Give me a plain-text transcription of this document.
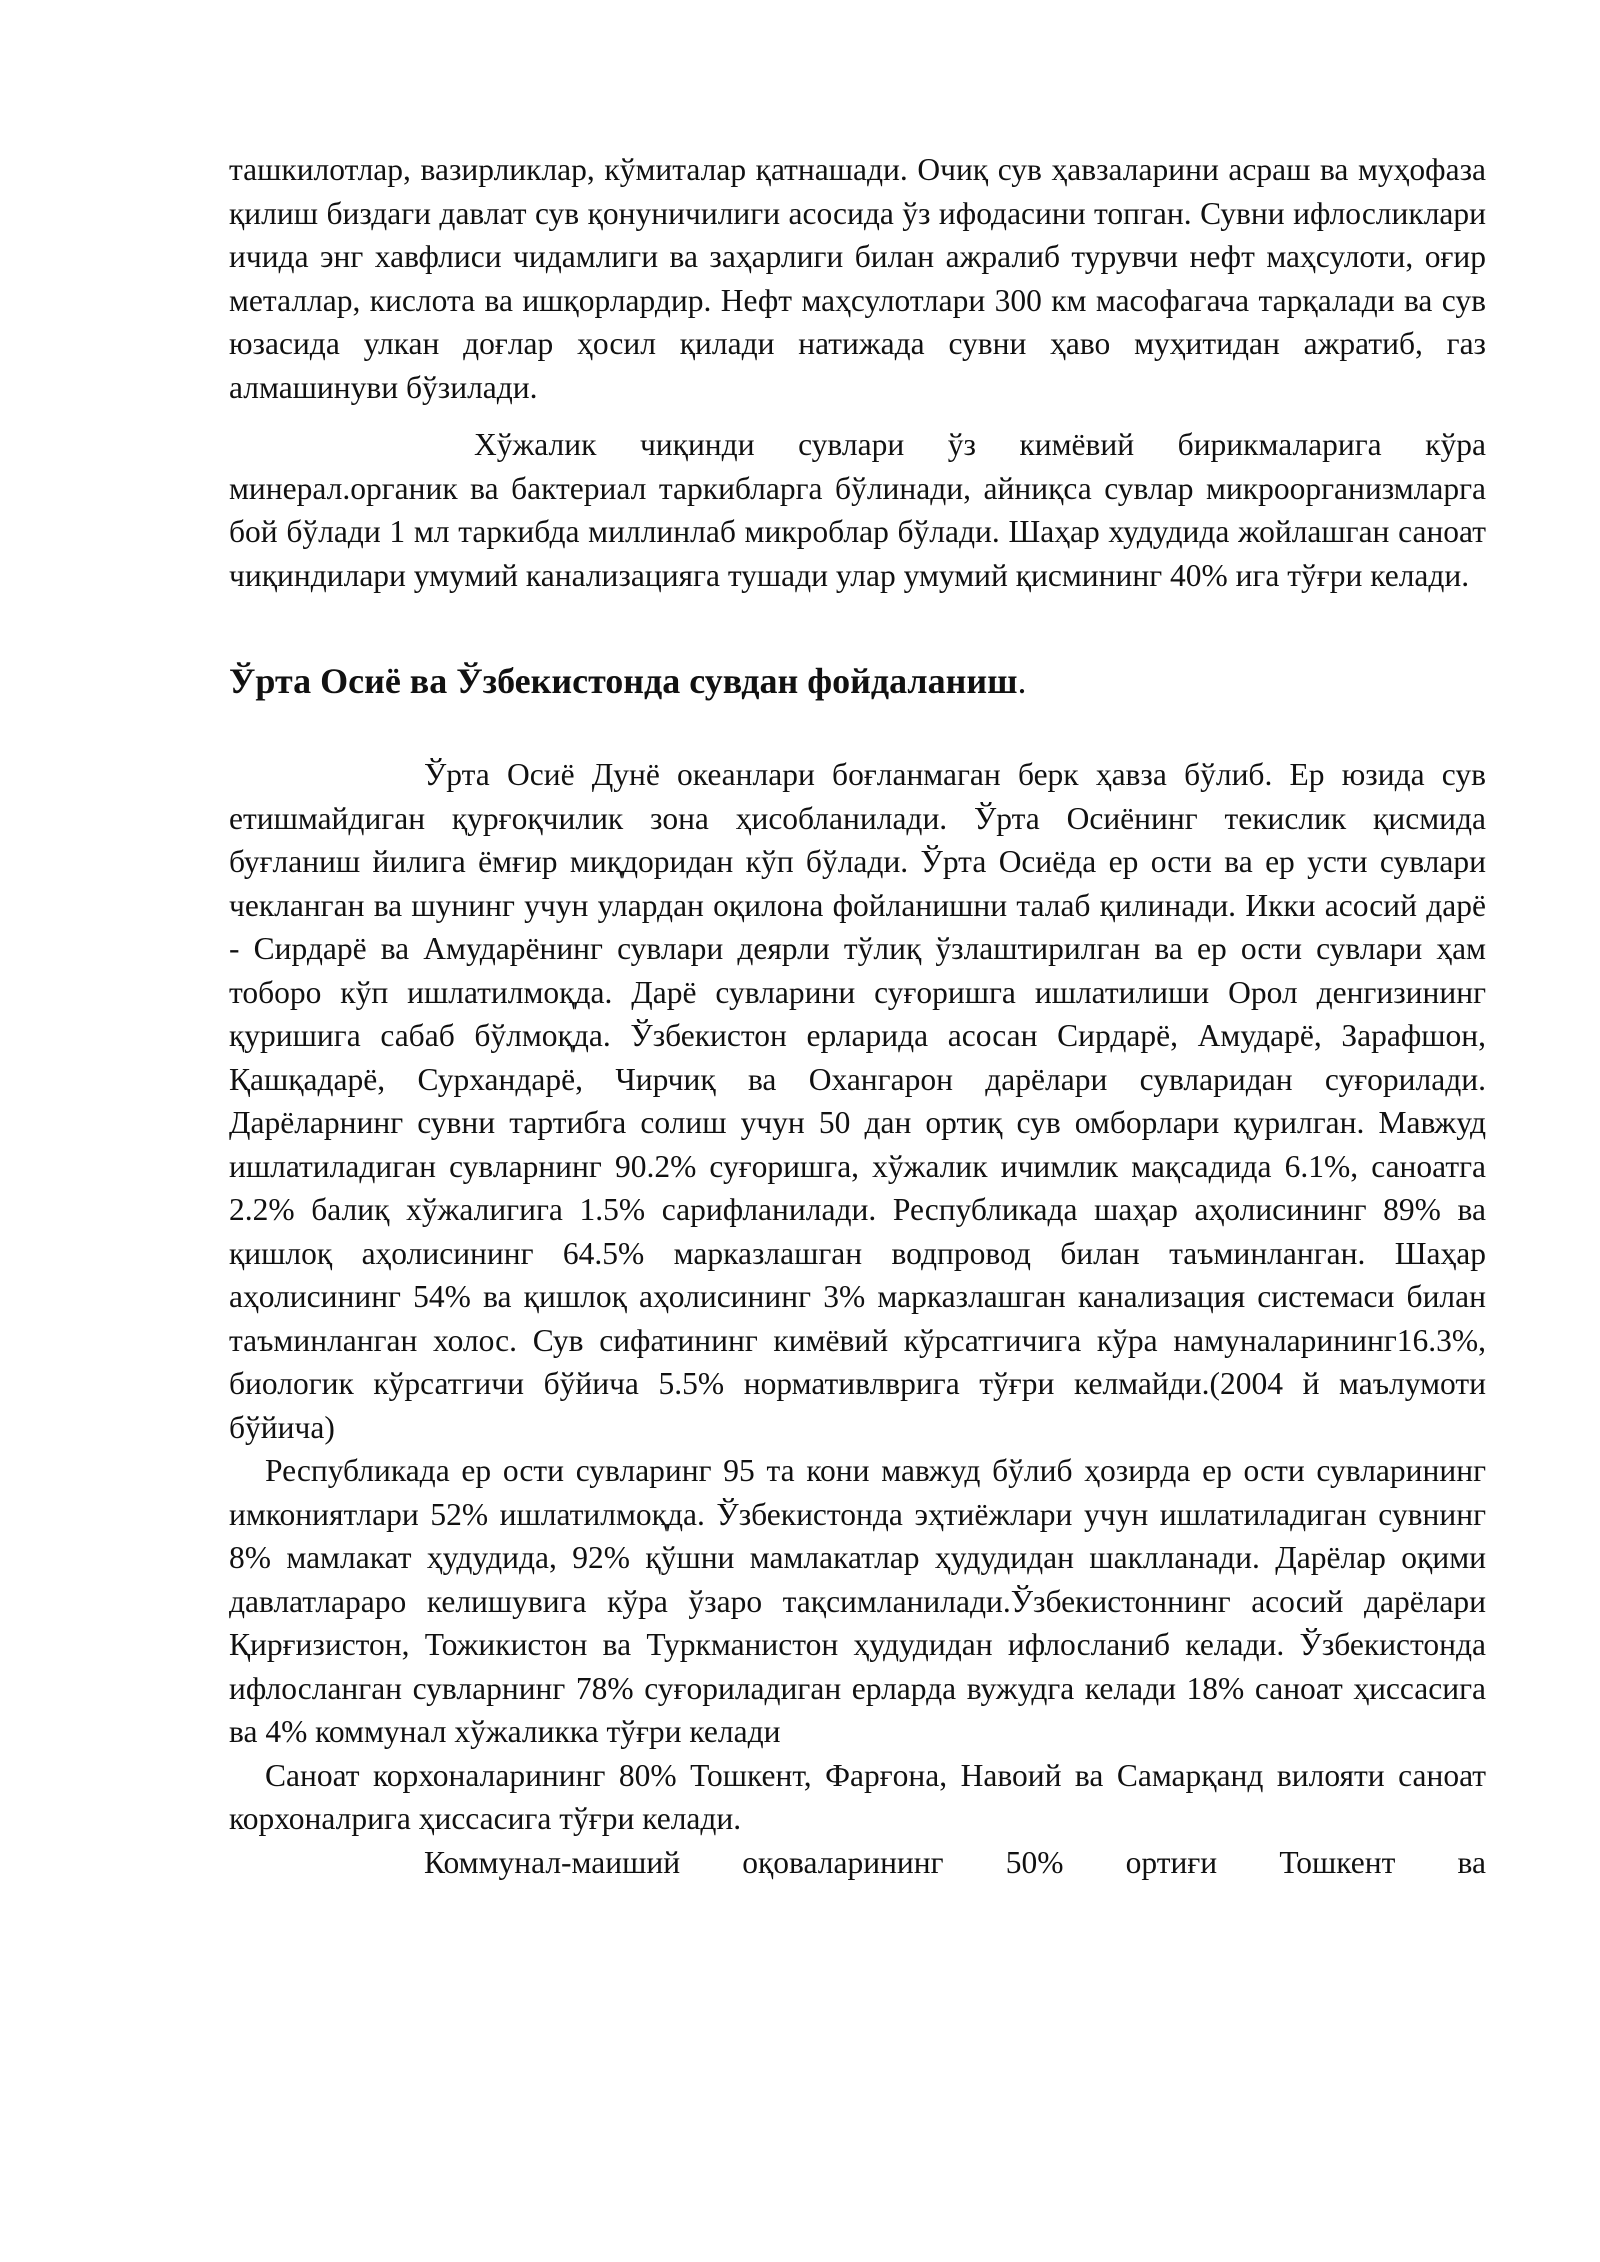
ташкилотлар, вазирликлар, кўмиталар қатнашади. Очиқ сув ҳавзаларини асраш ва муҳофаза қилиш биздаги давлат сув қонуничилиги асосида ўз ифодасини топган. Сувни ифлосликлари ичида энг хавфлиси чидамлиги ва заҳарлиги билан ажралиб турувчи нефт маҳсулоти, оғир металлар, кислота ва ишқорлардир. Нефт маҳсулотлари 300 км масофагача тарқалади ва сув юзасида улкан доғлар ҳосил қилади натижада сувни ҳаво муҳитидан ажратиб, газ алмашинуви бўзилади.

Хўжалик чиқинди сувлари ўз кимёвий бирикмаларига кўра минерал.органик ва бактериал таркибларга бўлинади, айниқса сувлар микроорганизмларга бой бўлади 1 мл таркибда миллинлаб микроблар бўлади. Шаҳар худудида жойлашган саноат чиқиндилари умумий канализацияга тушади улар умумий қисмининг 40% ига тўғри келади.

Ўрта Осиё ва Ўзбекистонда сувдан фойдаланиш.

Ўрта Осиё Дунё океанлари боғланмаган берк ҳавза бўлиб. Ер юзида сув етишмайдиган қурғоқчилик зона ҳисобланилади. Ўрта Осиёнинг текислик қисмида буғланиш йилига ёмғир миқдоридан кўп бўлади. Ўрта Осиёда ер ости ва ер усти сувлари чекланган ва шунинг учун улардан оқилона фойланишни талаб қилинади. Икки асосий дарё - Сирдарё ва Амударёнинг сувлари деярли тўлиқ ўзлаштирилган ва ер ости сувлари ҳам тоборо кўп ишлатилмоқда. Дарё сувларини суғоришга ишлатилиши Орол денгизининг қуришига сабаб бўлмоқда. Ўзбекистон ерларида асосан Сирдарё, Амударё, Зарафшон, Қашқадарё, Сурхандарё, Чирчиқ ва Охангарон дарёлари сувларидан суғорилади. Дарёларнинг сувни тартибга солиш учун 50 дан ортиқ сув омборлари қурилган. Мавжуд ишлатиладиган сувларнинг 90.2% суғоришга, хўжалик ичимлик мақсадида 6.1%, саноатга 2.2% балиқ хўжалигига 1.5% сарифланилади. Республикада шаҳар аҳолисининг 89% ва қишлоқ аҳолисининг 64.5% марказлашган водпровод билан таъминланган. Шаҳар аҳолисининг 54% ва қишлоқ аҳолисининг 3% марказлашган канализация системаси билан таъминланган холос. Сув сифатининг кимёвий кўрсатгичига кўра намуналарининг16.3%, биологик кўрсатгичи бўйича 5.5% нормативлврига тўғри келмайди.(2004 й маълумоти бўйича)

Республикада ер ости сувларинг 95 та кони мавжуд бўлиб ҳозирда ер ости сувларининг имкониятлари 52% ишлатилмоқда. Ўзбекистонда эҳтиёжлари учун ишлатиладиган сувнинг 8% мамлакат ҳудудида, 92% қўшни мамлакатлар ҳудудидан шаклланади. Дарёлар оқими давлатлараро келишувига кўра ўзаро тақсимланилади.Ўзбекистоннинг асосий дарёлари Қирғизистон, Тожикистон ва Туркманистон ҳудудидан ифлосланиб келади. Ўзбекистонда ифлосланган сувларнинг 78% суғориладиган ерларда вужудга келади 18% саноат ҳиссасига ва 4% коммунал хўжаликка тўғри келади

Саноат корхоналарининг 80% Тошкент, Фарғона, Навоий ва Самарқанд вилояти саноат корхоналрига ҳиссасига тўғри келади.

Коммунал-маиший оқоваларининг 50% ортиғи Тошкент ва
